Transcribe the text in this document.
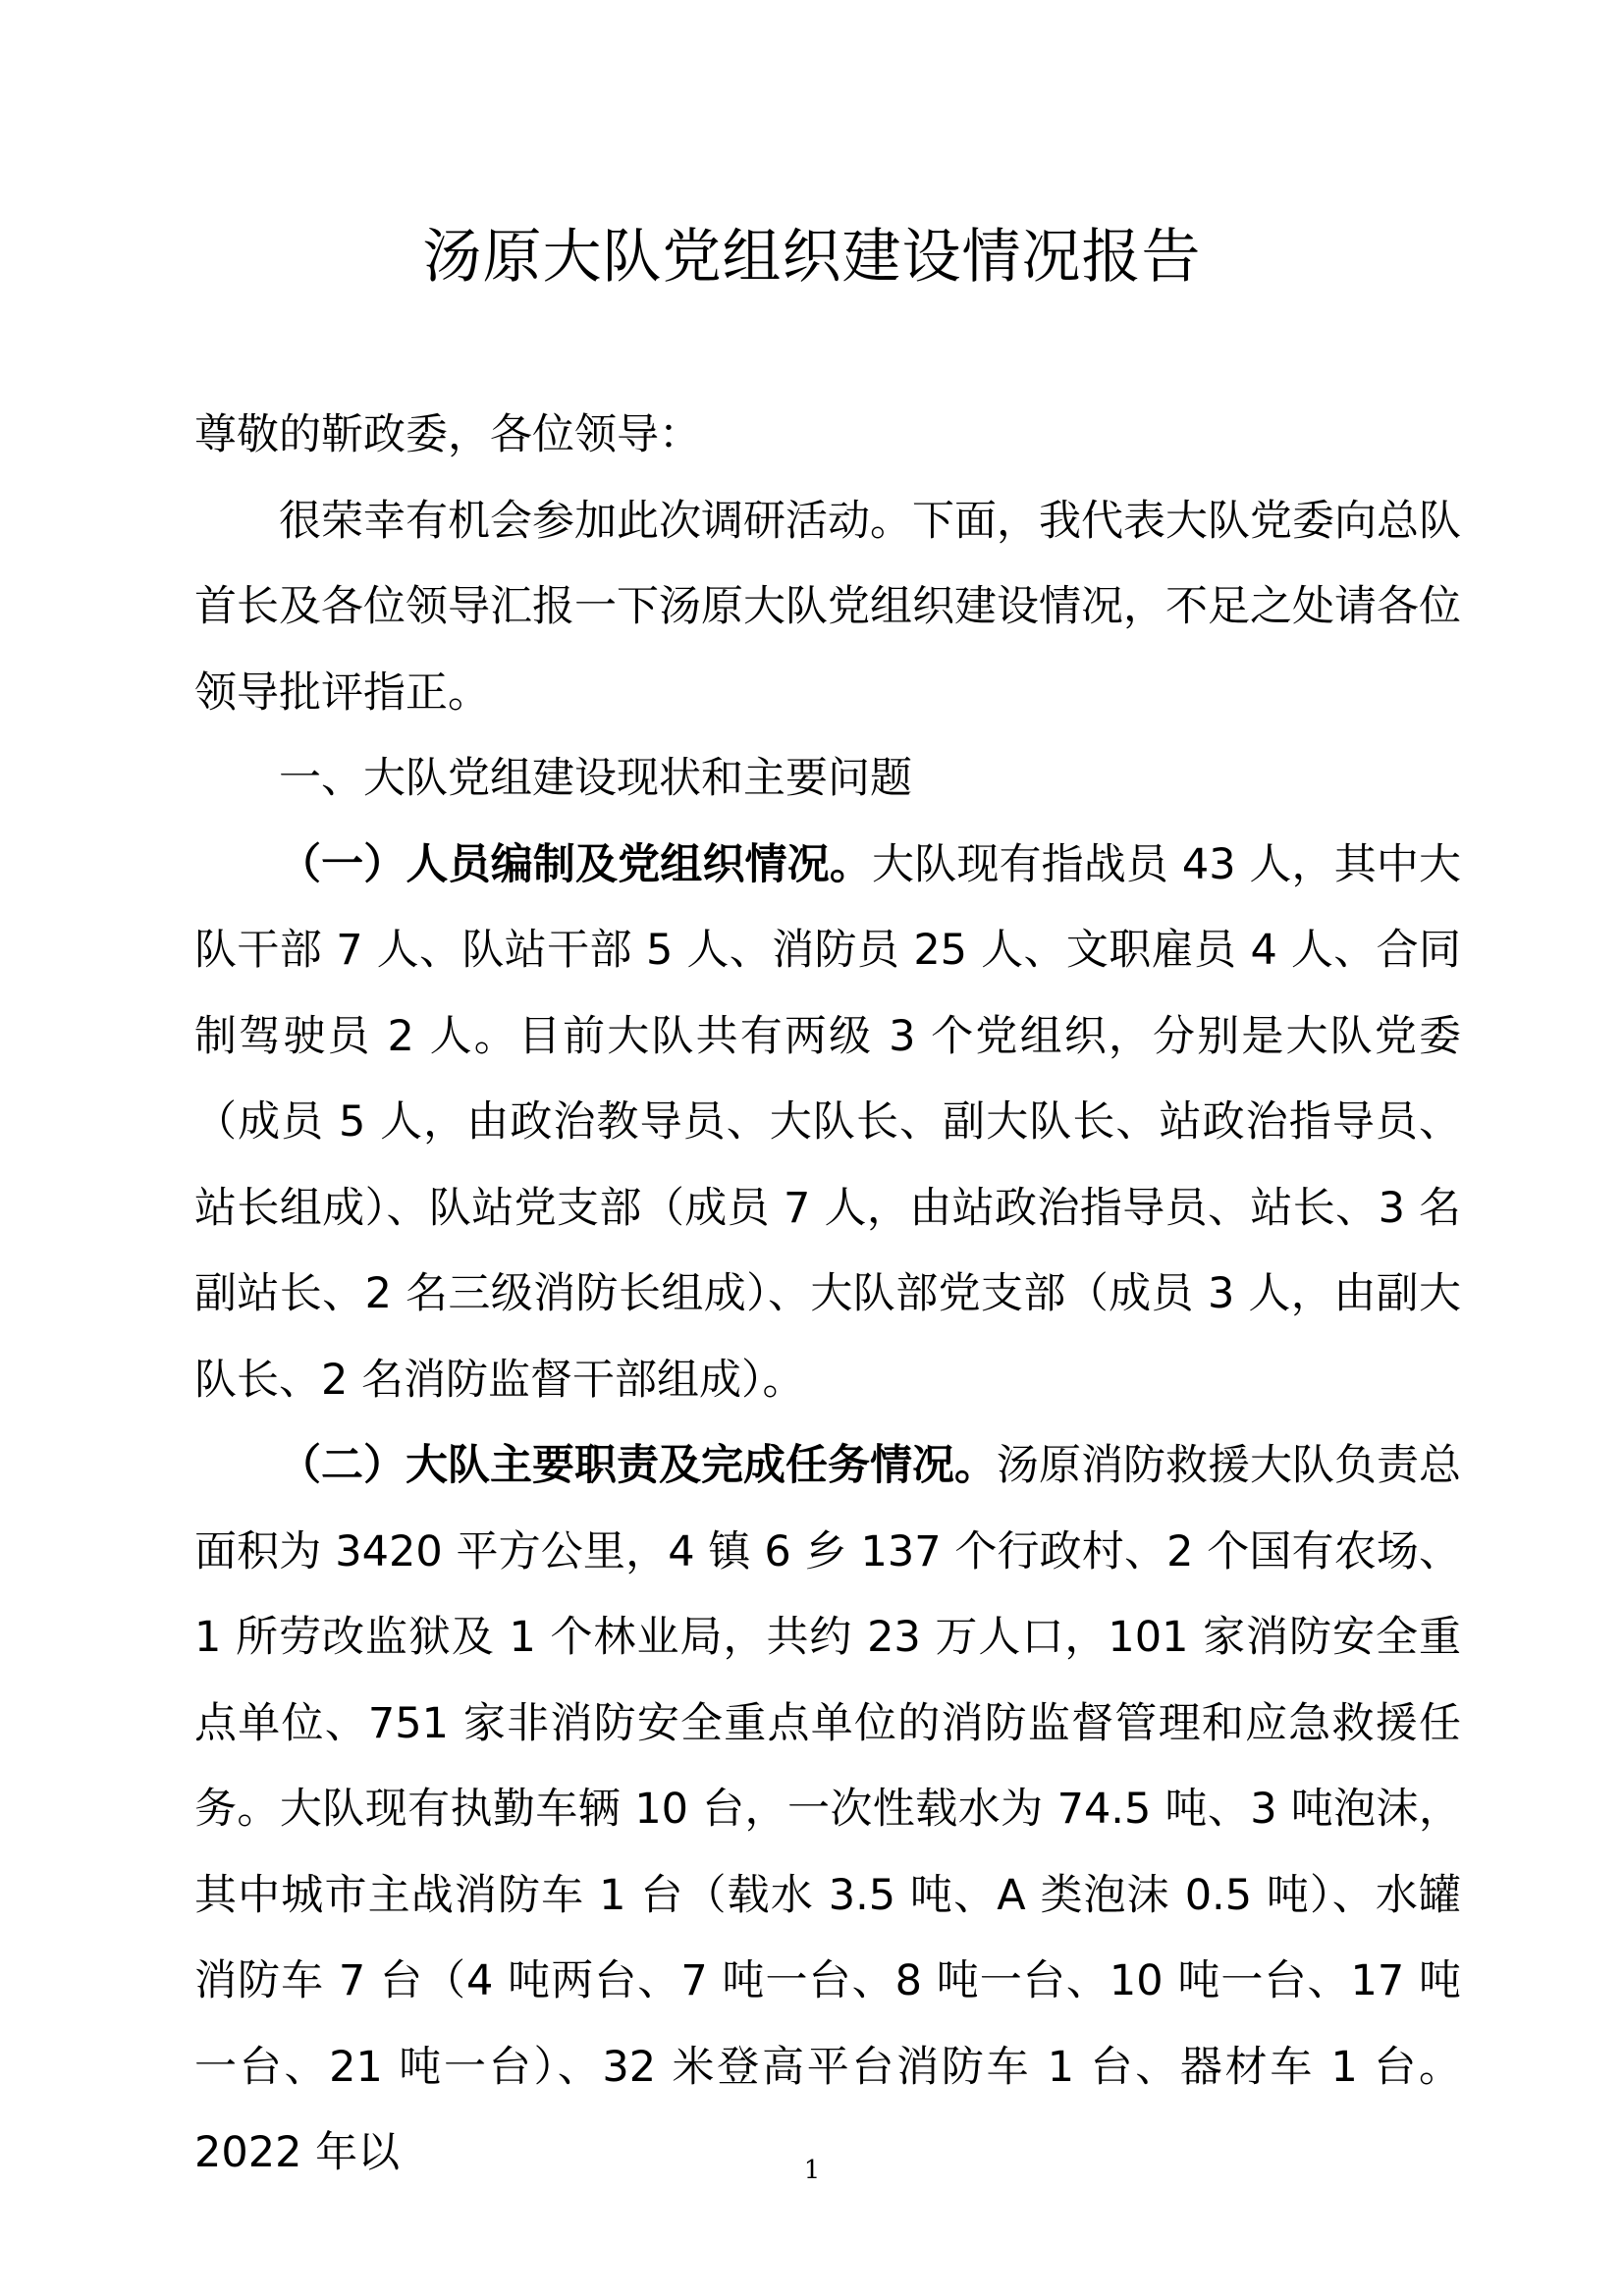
汤原大队党组织建设情况报告

尊敬的靳政委，各位领导：

很荣幸有机会参加此次调研活动。下面，我代表大队党委向总队首长及各位领导汇报一下汤原大队党组织建设情况，不足之处请各位领导批评指正。

一、大队党组建设现状和主要问题

（一）人员编制及党组织情况。大队现有指战员 43 人，其中大队干部 7 人、队站干部 5 人、消防员 25 人、文职雇员 4 人、合同制驾驶员 2 人。目前大队共有两级 3 个党组织，分别是大队党委（成员 5 人，由政治教导员、大队长、副大队长、站政治指导员、站长组成）、队站党支部（成员 7 人，由站政治指导员、站长、3 名副站长、2 名三级消防长组成）、大队部党支部（成员 3 人，由副大队长、2 名消防监督干部组成）。

（二）大队主要职责及完成任务情况。汤原消防救援大队负责总面积为 3420 平方公里，4 镇 6 乡 137 个行政村、2 个国有农场、1 所劳改监狱及 1 个林业局，共约 23 万人口，101 家消防安全重点单位、751 家非消防安全重点单位的消防监督管理和应急救援任务。大队现有执勤车辆 10 台，一次性载水为 74.5 吨、3 吨泡沫，其中城市主战消防车 1 台（载水 3.5 吨、A 类泡沫 0.5 吨）、水罐消防车 7 台（4 吨两台、7 吨一台、8 吨一台、10 吨一台、17 吨一台、21 吨一台）、32 米登高平台消防车 1 台、器材车 1 台。2022 年以	1
